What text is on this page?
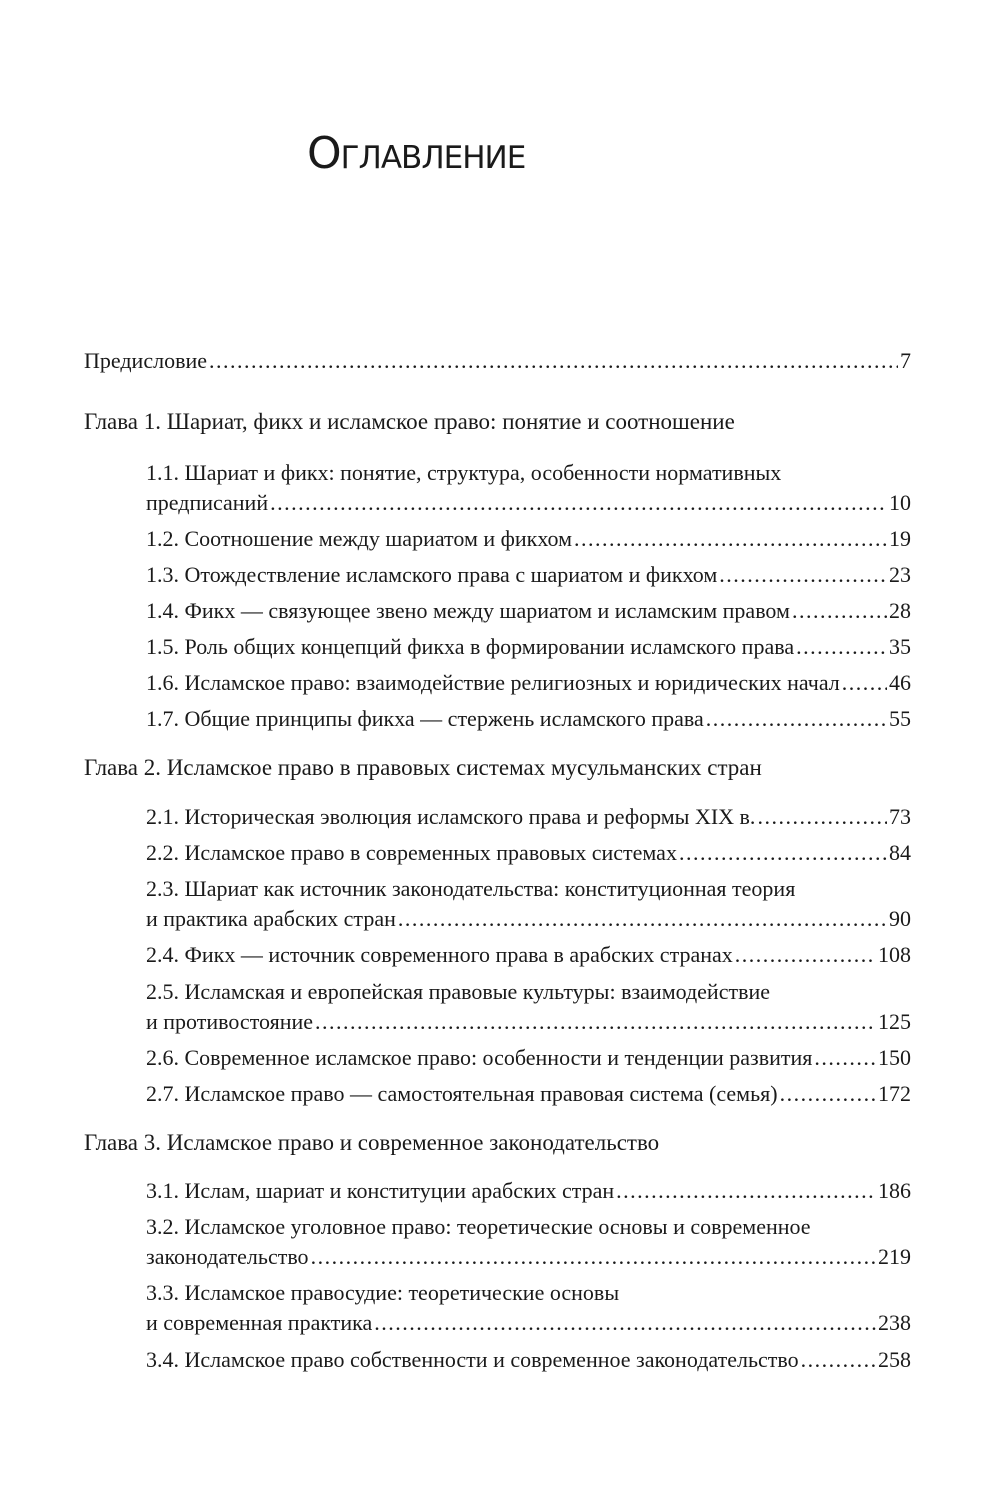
Оглавление
Предисловие . . .	7
Глава 1. Шариат, фикх и исламское право: понятие и соотношение
1.1. Шариат и фикх: понятие, структура, особенности нормативных
предписаний . . .	10
1.2. Соотношение между шариатом и фикхом . . .	19
1.3. Отождествление исламского права с шариатом и фикхом . . .	23
1.4. Фикх — связующее звено между шариатом и исламским правом . . .	28
1.5. Роль общих концепций фикха в формировании исламского права . . .	35
1.6. Исламское право: взаимодействие религиозных и юридических начал . . . 46
1.7. Общие принципы фикха — стержень исламского права . . .	55
Глава 2. Исламское право в правовых системах мусульманских стран
2.1. Историческая эволюция исламского права и реформы XIX в. . . .	73
2.2. Исламское право в современных правовых системах . . .	84
2.3. Шариат как источник законодательства: конституционная теория
и практика арабских стран . . .	90
2.4. Фикх — источник современного права в арабских странах . . .	108
2.5. Исламская и европейская правовые культуры: взаимодействие
и противостояние . . .	125
2.6. Современное исламское право: особенности и тенденции развития . . .	150
2.7. Исламское право — самостоятельная правовая система (семья) . . .	172
Глава 3. Исламское право и современное законодательство
3.1. Ислам, шариат и конституции арабских стран . . .	186
3.2. Исламское уголовное право: теоретические основы и современное
законодательство . . .	219
3.3. Исламское правосудие: теоретические основы
и современная практика . . .	238
3.4. Исламское право собственности и современное законодательство . . .	258
